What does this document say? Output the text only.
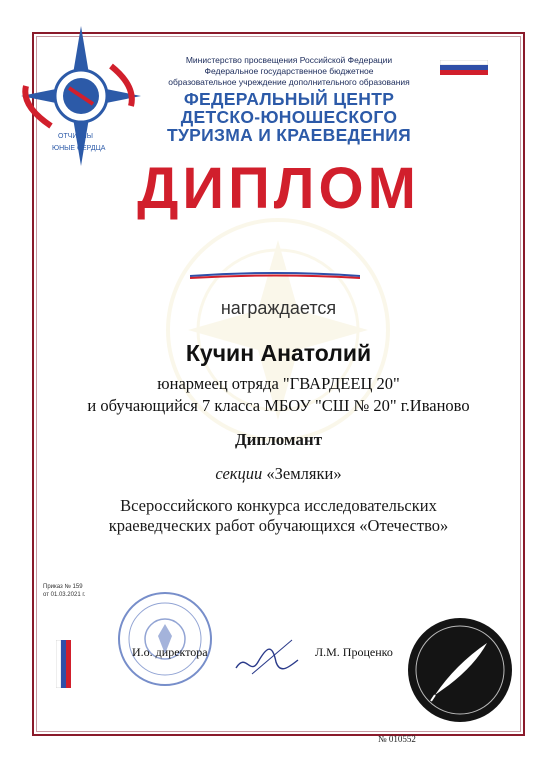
ОТЧИЗНЫ
ЮНЫЕ СЕРДЦА
Министерство просвещения Российской Федерации
Федеральное государственное бюджетное
образовательное учреждение дополнительного образования
ФЕДЕРАЛЬНЫЙ ЦЕНТР
ДЕТСКО-ЮНОШЕСКОГО
ТУРИЗМА И КРАЕВЕДЕНИЯ
ДИПЛОМ
награждается
Кучин Анатолий
юнармеец отряда "ГВАРДЕЕЦ 20"
и обучающийся 7 класса МБОУ "СШ № 20" г.Иваново
Дипломант
секции «Земляки»
Всероссийского конкурса исследовательских
краеведческих работ обучающихся «Отечество»
Приказ № 159
от 01.03.2021 г.
И.о. директора	Л.М. Проценко
№ 010552
